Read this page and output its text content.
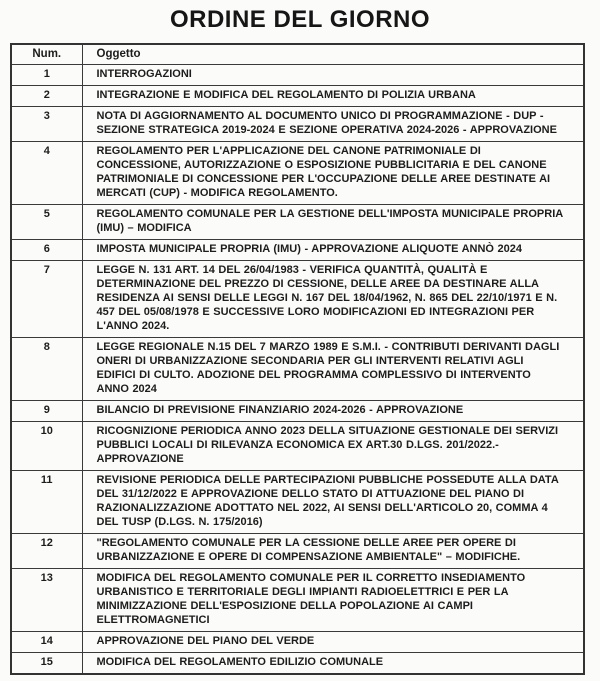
ORDINE DEL GIORNO
Num.	Oggetto
1	INTERROGAZIONI
2	INTEGRAZIONE E MODIFICA DEL REGOLAMENTO DI POLIZIA URBANA
3	NOTA DI AGGIORNAMENTO AL DOCUMENTO UNICO DI PROGRAMMAZIONE - DUP - SEZIONE STRATEGICA 2019-2024 E SEZIONE OPERATIVA 2024-2026 - APPROVAZIONE
4	REGOLAMENTO PER L'APPLICAZIONE DEL CANONE PATRIMONIALE DI CONCESSIONE, AUTORIZZAZIONE O ESPOSIZIONE PUBBLICITARIA E DEL CANONE PATRIMONIALE DI CONCESSIONE PER L'OCCUPAZIONE DELLE AREE DESTINATE AI MERCATI (CUP) - MODIFICA REGOLAMENTO.
5	REGOLAMENTO COMUNALE PER LA GESTIONE DELL'IMPOSTA MUNICIPALE PROPRIA (IMU) – MODIFICA
6	IMPOSTA MUNICIPALE PROPRIA (IMU) - APPROVAZIONE ALIQUOTE ANNÒ 2024
7	LEGGE N. 131 ART. 14 DEL 26/04/1983 - VERIFICA QUANTITÀ, QUALITÀ E DETERMINAZIONE DEL PREZZO DI CESSIONE, DELLE AREE DA DESTINARE ALLA RESIDENZA AI SENSI DELLE LEGGI N. 167 DEL 18/04/1962, N. 865 DEL 22/10/1971 E N. 457 DEL 05/08/1978 E SUCCESSIVE LORO MODIFICAZIONI ED INTEGRAZIONI PER L'ANNO 2024.
8	LEGGE REGIONALE N.15 DEL 7 MARZO 1989 E S.M.I. - CONTRIBUTI DERIVANTI DAGLI ONERI DI URBANIZZAZIONE SECONDARIA PER GLI INTERVENTI RELATIVI AGLI EDIFICI DI CULTO. ADOZIONE DEL PROGRAMMA COMPLESSIVO DI INTERVENTO ANNO 2024
9	BILANCIO DI PREVISIONE FINANZIARIO 2024-2026 - APPROVAZIONE
10	RICOGNIZIONE PERIODICA ANNO 2023 DELLA SITUAZIONE GESTIONALE DEI SERVIZI PUBBLICI LOCALI DI RILEVANZA ECONOMICA EX ART.30 D.LGS. 201/2022.- APPROVAZIONE
11	REVISIONE PERIODICA DELLE PARTECIPAZIONI PUBBLICHE POSSEDUTE ALLA DATA DEL 31/12/2022 E APPROVAZIONE DELLO STATO DI ATTUAZIONE DEL PIANO DI RAZIONALIZZAZIONE ADOTTATO NEL 2022, AI SENSI DELL'ARTICOLO 20, COMMA 4 DEL TUSP (D.LGS. N. 175/2016)
12	"REGOLAMENTO COMUNALE PER LA CESSIONE DELLE AREE PER OPERE DI URBANIZZAZIONE E OPERE DI COMPENSAZIONE AMBIENTALE" – MODIFICHE.
13	MODIFICA DEL REGOLAMENTO COMUNALE PER IL CORRETTO INSEDIAMENTO URBANISTICO E TERRITORIALE DEGLI IMPIANTI RADIOELETTRICI E PER LA MINIMIZZAZIONE DELL'ESPOSIZIONE DELLA POPOLAZIONE AI CAMPI ELETTROMAGNETICI
14	APPROVAZIONE DEL PIANO DEL VERDE
15	MODIFICA DEL REGOLAMENTO EDILIZIO COMUNALE
